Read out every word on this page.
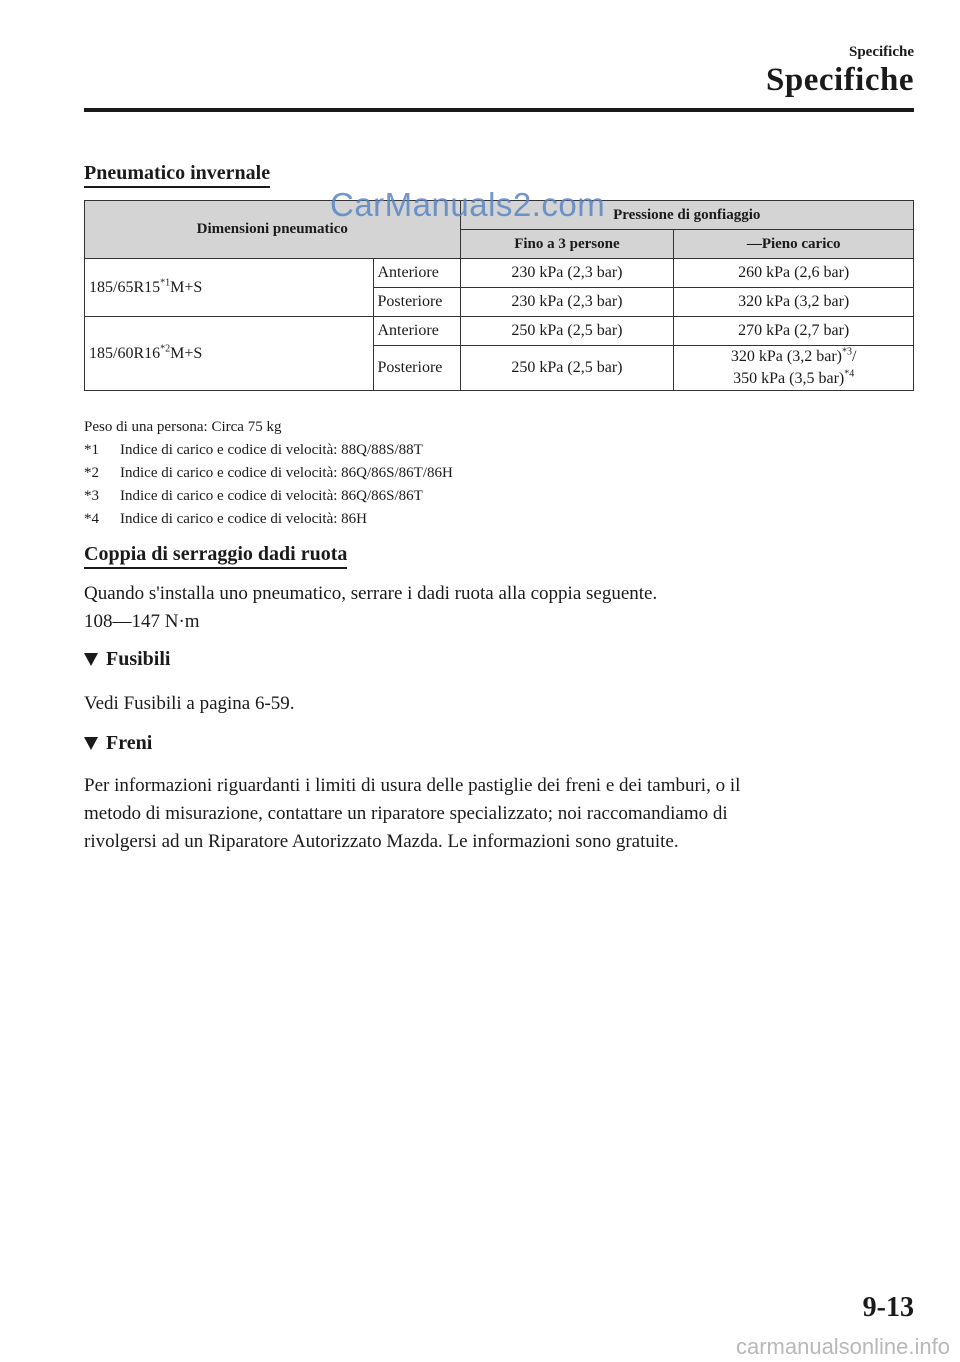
Specifiche
Specifiche
Pneumatico invernale
Dimensioni pneumatico		Pressione di gonfiaggio	
		Fino a 3 persone	―Pieno carico
$185/65R15^{*1}M+S$	Anteriore	230 kPa (2,3 bar)	260 kPa (2,6 bar)
	Posteriore	230 kPa (2,3 bar)	320 kPa (3,2 bar)
$185/60R16^{*2}M+S$	Anteriore	250 kPa (2,5 bar)	270 kPa (2,7 bar)
	Posteriore	250 kPa (2,5 bar)	320 kPa (3,2 bar)$^{*3}$/
350 kPa (3,5 bar)$^{*4}$
CarManuals2.com
Peso di una persona: Circa 75 kg
*1 Indice di carico e codice di velocità: 88Q/88S/88T
*2 Indice di carico e codice di velocità: 86Q/86S/86T/86H
*3 Indice di carico e codice di velocità: 86Q/86S/86T
*4 Indice di carico e codice di velocità: 86H
Coppia di serraggio dadi ruota
Quando s'installa uno pneumatico, serrare i dadi ruota alla coppia seguente.
108―147 N·m
Fusibili
Vedi Fusibili a pagina 6-59.
Freni
Per informazioni riguardanti i limiti di usura delle pastiglie dei freni e dei tamburi, o il
metodo di misurazione, contattare un riparatore specializzato; noi raccomandiamo di
rivolgersi ad un Riparatore Autorizzato Mazda. Le informazioni sono gratuite.
9-13
carmanualsonline.info
